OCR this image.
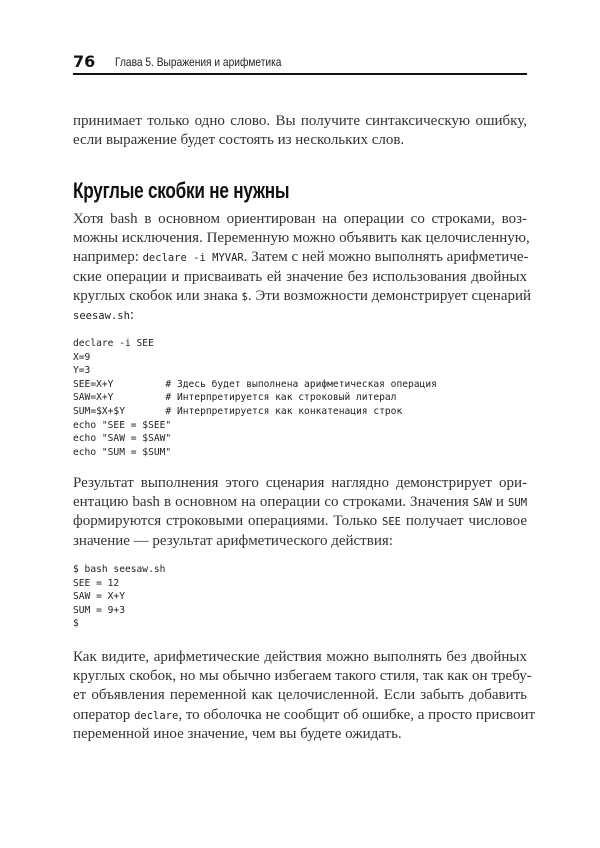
76 Глава 5. Выражения и арифметика
Круглые скобки не нужны
принимает только одно слово. Вы получите синтаксическую ошибку,
если выражение будет состоять из нескольких слов.
Хотя bash в основном ориентирован на операции со строками, воз-
можны исключения. Переменную можно объявить как целочисленную,
например: declare -i MYVAR. Затем с ней можно выполнять арифметиче-
ские операции и присваивать ей значение без использования двойных
круглых скобок или знака $. Эти возможности демонстрирует сценарий
seesaw.sh:
Результат выполнения этого сценария наглядно демонстрирует ори-
ентацию bash в основном на операции со строками. Значения SAW и SUM
формируются строковыми операциями. Только SEE получает числовое
значение — результат арифметического действия:
Как видите, арифметические действия можно выполнять без двойных
круглых скобок, но мы обычно избегаем такого стиля, так как он требу-
ет объявления переменной как целочисленной. Если забыть добавить
оператор declare, то оболочка не сообщит об ошибке, а просто присвоит
переменной иное значение, чем вы будете ожидать.
declare -i SEE
X=9
Y=3
SEE=X+Y         # Здесь будет выполнена арифметическая операция
SAW=X+Y         # Интерпретируется как строковый литерал
SUM=$X+$Y       # Интерпретируется как конкатенация строк
echo "SEE = $SEE"
echo "SAW = $SAW"
echo "SUM = $SUM"
$ bash seesaw.sh
SEE = 12
SAW = X+Y
SUM = 9+3
$
